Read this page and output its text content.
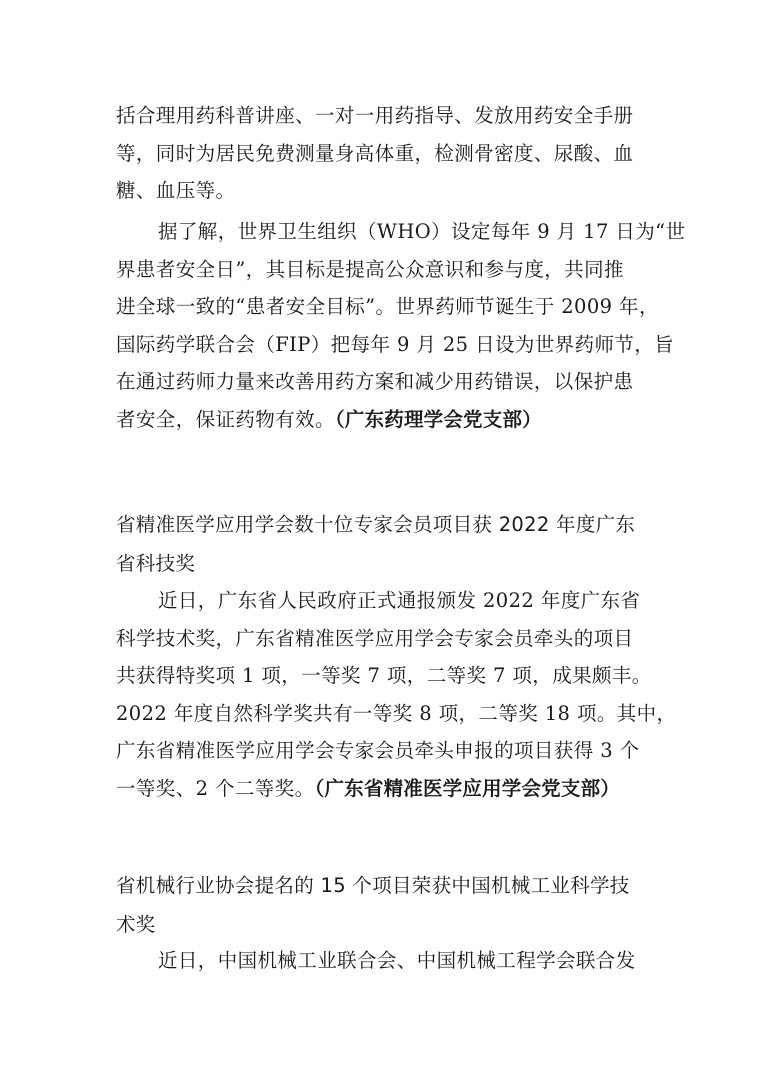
括合理用药科普讲座、一对一用药指导、发放用药安全手册
等，同时为居民免费测量身高体重，检测骨密度、尿酸、血
糖、血压等。
据了解，世界卫生组织（WHO）设定每年 9 月 17 日为“世
界患者安全日”，其目标是提高公众意识和参与度，共同推
进全球一致的“患者安全目标”。世界药师节诞生于 2009 年，
国际药学联合会（FIP）把每年 9 月 25 日设为世界药师节，旨
在通过药师力量来改善用药方案和减少用药错误，以保护患
者安全，保证药物有效。（广东药理学会党支部）
省精准医学应用学会数十位专家会员项目获 2022 年度广东
省科技奖
近日，广东省人民政府正式通报颁发 2022 年度广东省
科学技术奖，广东省精准医学应用学会专家会员牵头的项目
共获得特奖项 1 项，一等奖 7 项，二等奖 7 项，成果颇丰。
2022 年度自然科学奖共有一等奖 8 项，二等奖 18 项。其中，
广东省精准医学应用学会专家会员牵头申报的项目获得 3 个
一等奖、2 个二等奖。（广东省精准医学应用学会党支部）
省机械行业协会提名的 15 个项目荣获中国机械工业科学技
术奖
近日，中国机械工业联合会、中国机械工程学会联合发
